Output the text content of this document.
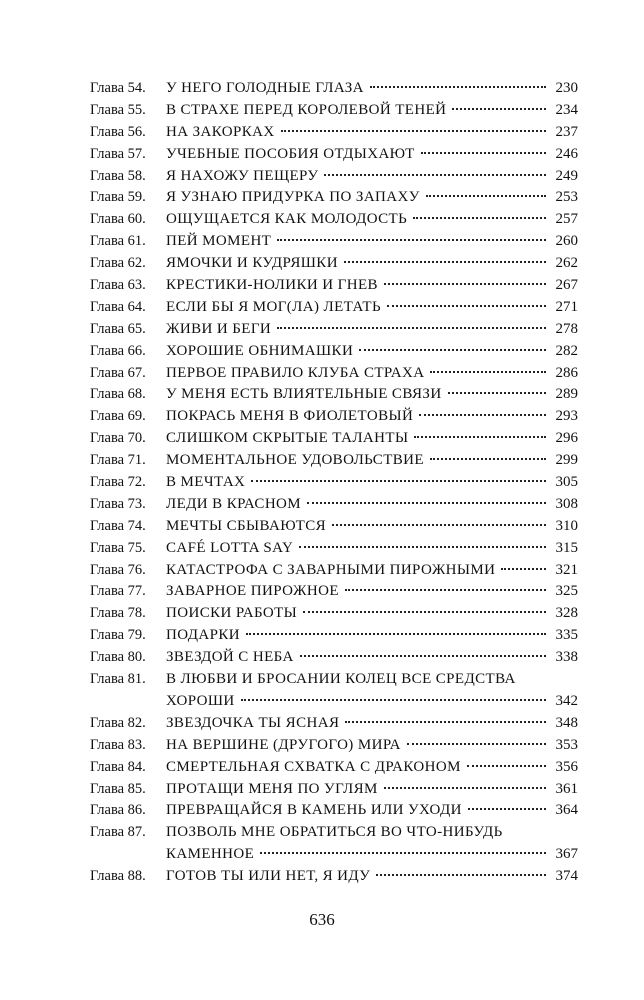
Глава 54.	У НЕГО ГОЛОДНЫЕ ГЛАЗА	230
Глава 55.	В СТРАХЕ ПЕРЕД КОРОЛЕВОЙ ТЕНЕЙ	234
Глава 56.	НА ЗАКОРКАХ	237
Глава 57.	УЧЕБНЫЕ ПОСОБИЯ ОТДЫХАЮТ	246
Глава 58.	Я НАХОЖУ ПЕЩЕРУ	249
Глава 59.	Я УЗНАЮ ПРИДУРКА ПО ЗАПАХУ	253
Глава 60.	ОЩУЩАЕТСЯ КАК МОЛОДОСТЬ	257
Глава 61.	ПЕЙ МОМЕНТ	260
Глава 62.	ЯМОЧКИ И КУДРЯШКИ	262
Глава 63.	КРЕСТИКИ-НОЛИКИ И ГНЕВ	267
Глава 64.	ЕСЛИ БЫ Я МОГ(ЛА) ЛЕТАТЬ	271
Глава 65.	ЖИВИ И БЕГИ	278
Глава 66.	ХОРОШИЕ ОБНИМАШКИ	282
Глава 67.	ПЕРВОЕ ПРАВИЛО КЛУБА СТРАХА	286
Глава 68.	У МЕНЯ ЕСТЬ ВЛИЯТЕЛЬНЫЕ СВЯЗИ	289
Глава 69.	ПОКРАСЬ МЕНЯ В ФИОЛЕТОВЫЙ	293
Глава 70.	СЛИШКОМ СКРЫТЫЕ ТАЛАНТЫ	296
Глава 71.	МОМЕНТАЛЬНОЕ УДОВОЛЬСТВИЕ	299
Глава 72.	В МЕЧТАХ	305
Глава 73.	ЛЕДИ В КРАСНОМ	308
Глава 74.	МЕЧТЫ СБЫВАЮТСЯ	310
Глава 75.	CAFÉ LOTTA SAY	315
Глава 76.	КАТАСТРОФА С ЗАВАРНЫМИ ПИРОЖНЫМИ	321
Глава 77.	ЗАВАРНОЕ ПИРОЖНОЕ	325
Глава 78.	ПОИСКИ РАБОТЫ	328
Глава 79.	ПОДАРКИ	335
Глава 80.	ЗВЕЗДОЙ С НЕБА	338
Глава 81.	В ЛЮБВИ И БРОСАНИИ КОЛЕЦ ВСЕ СРЕДСТВА
ХОРОШИ	342
Глава 82.	ЗВЕЗДОЧКА ТЫ ЯСНАЯ	348
Глава 83.	НА ВЕРШИНЕ (ДРУГОГО) МИРА	353
Глава 84.	СМЕРТЕЛЬНАЯ СХВАТКА С ДРАКОНОМ	356
Глава 85.	ПРОТАЩИ МЕНЯ ПО УГЛЯМ	361
Глава 86.	ПРЕВРАЩАЙСЯ В КАМЕНЬ ИЛИ УХОДИ	364
Глава 87.	ПОЗВОЛЬ МНЕ ОБРАТИТЬСЯ ВО ЧТО-НИБУДЬ
КАМЕННОЕ	367
Глава 88.	ГОТОВ ТЫ ИЛИ НЕТ, Я ИДУ	374
636
